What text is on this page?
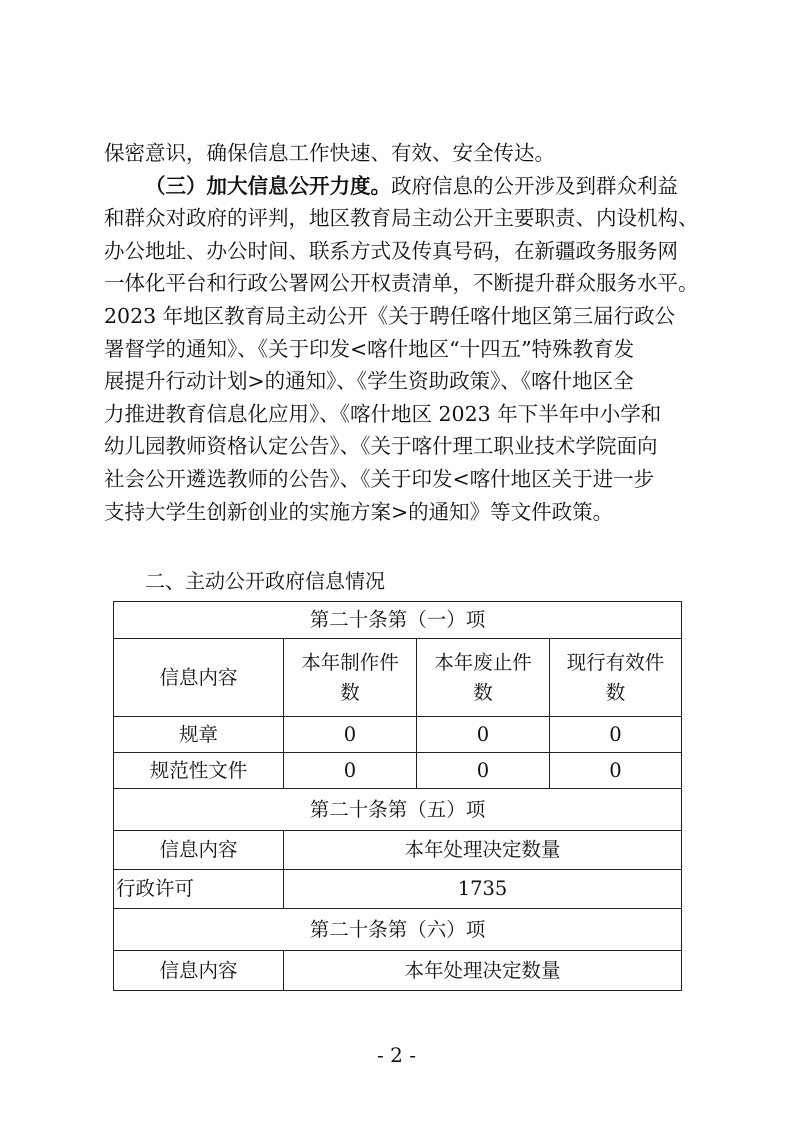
保密意识，确保信息工作快速、有效、安全传达。
（三）加大信息公开力度。政府信息的公开涉及到群众利益
和群众对政府的评判，地区教育局主动公开主要职责、内设机构、
办公地址、办公时间、联系方式及传真号码，在新疆政务服务网
一体化平台和行政公署网公开权责清单，不断提升群众服务水平。
2023 年地区教育局主动公开《关于聘任喀什地区第三届行政公
署督学的通知》、《关于印发<喀什地区“十四五”特殊教育发
展提升行动计划>的通知》、《学生资助政策》、《喀什地区全
力推进教育信息化应用》、《喀什地区 2023 年下半年中小学和
幼儿园教师资格认定公告》、《关于喀什理工职业技术学院面向
社会公开遴选教师的公告》、《关于印发<喀什地区关于进一步
支持大学生创新创业的实施方案>的通知》等文件政策。

二、主动公开政府信息情况

第二十条第（一）项			
信息内容	本年制作件数	本年废止件数	现行有效件数
规章	0	0	0
规范性文件	0	0	0
第二十条第（五）项			
信息内容	本年处理决定数量		
行政许可	1735		
第二十条第（六）项			
信息内容	本年处理决定数量		
- 2 -
